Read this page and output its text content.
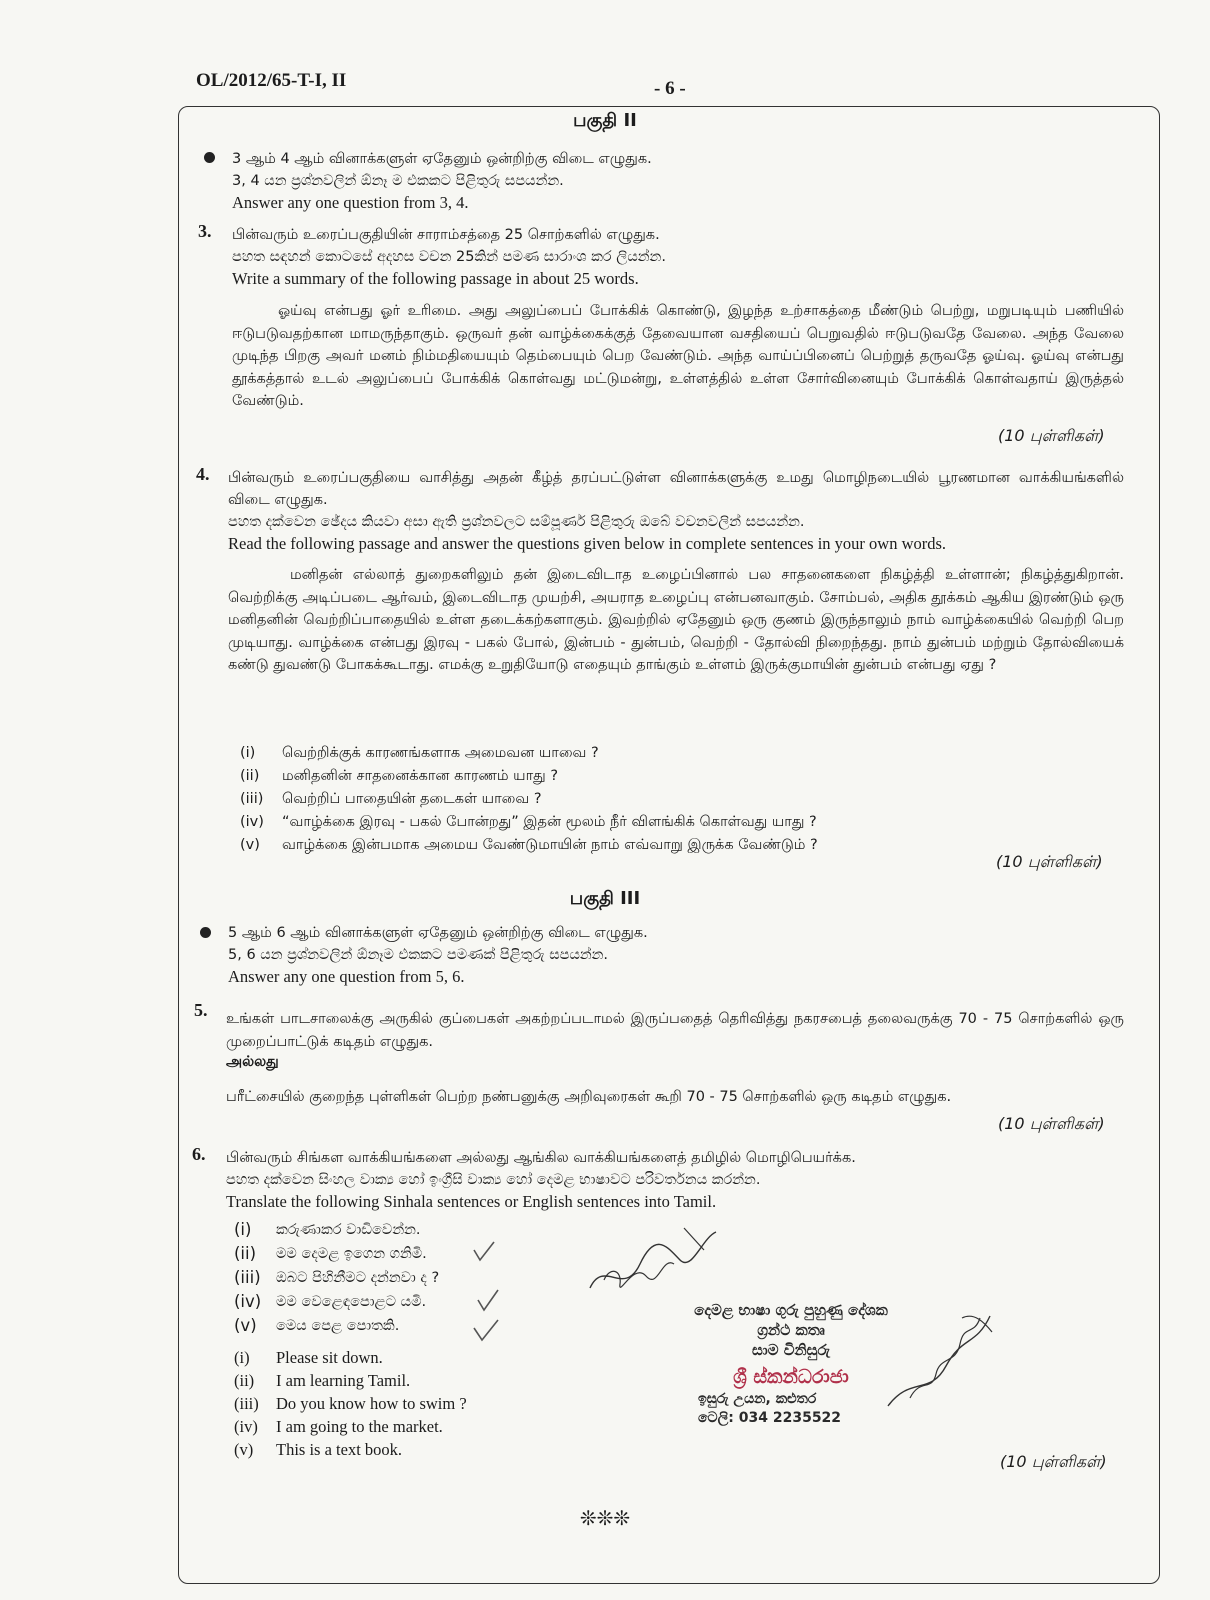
OL/2012/65-T-I, II	- 6 -
பகுதி II
3 ஆம் 4 ஆம் வினாக்களுள் ஏதேனும் ஒன்றிற்கு விடை எழுதுக.
3, 4 යන ප්‍රශ්නවලින් ඕනෑ ම එකකට පිළිතුරු සපයන්න.
Answer any one question from 3, 4.
3. பின்வரும் உரைப்பகுதியின் சாராம்சத்தை 25 சொற்களில் எழுதுக.
පහත සඳහන් කොටසේ අදහස වචන 25කින් පමණ සාරාංශ කර ලියන්න.
Write a summary of the following passage in about 25 words.
ஓய்வு என்பது ஓர் உரிமை. அது அலுப்பைப் போக்கிக் கொண்டு, இழந்த உற்சாகத்தை மீண்டும் பெற்று, மறுபடியும் பணியில் ஈடுபடுவதற்கான மாமருந்தாகும். ஒருவர் தன் வாழ்க்கைக்குத் தேவையான வசதியைப் பெறுவதில் ஈடுபடுவதே வேலை. அந்த வேலை முடிந்த பிறகு அவர் மனம் நிம்மதியையும் தெம்பையும் பெற வேண்டும். அந்த வாய்ப்பினைப் பெற்றுத் தருவதே ஓய்வு. ஓய்வு என்பது தூக்கத்தால் உடல் அலுப்பைப் போக்கிக் கொள்வது மட்டுமன்று, உள்ளத்தில் உள்ள சோர்வினையும் போக்கிக் கொள்வதாய் இருத்தல் வேண்டும்.
(10 புள்ளிகள்)
4. பின்வரும் உரைப்பகுதியை வாசித்து அதன் கீழ்த் தரப்பட்டுள்ள வினாக்களுக்கு உமது மொழிநடையில் பூரணமான வாக்கியங்களில் விடை எழுதுக.
පහත දක්වෙන ඡේදය කියවා අසා ඇති ප්‍රශ්නවලට සම්පූර්ණ පිළිතුරු ඔබේ වචනවලින් සපයන්න.
Read the following passage and answer the questions given below in complete sentences in your own words.
மனிதன் எல்லாத் துறைகளிலும் தன் இடைவிடாத உழைப்பினால் பல சாதனைகளை நிகழ்த்தி உள்ளான்; நிகழ்த்துகிறான். வெற்றிக்கு அடிப்படை ஆர்வம், இடைவிடாத முயற்சி, அயராத உழைப்பு என்பனவாகும். சோம்பல், அதிக தூக்கம் ஆகிய இரண்டும் ஒரு மனிதனின் வெற்றிப்பாதையில் உள்ள தடைக்கற்களாகும். இவற்றில் ஏதேனும் ஒரு குணம் இருந்தாலும் நாம் வாழ்க்கையில் வெற்றி பெற முடியாது. வாழ்க்கை என்பது இரவு - பகல் போல், இன்பம் - துன்பம், வெற்றி - தோல்வி நிறைந்தது. நாம் துன்பம் மற்றும் தோல்வியைக் கண்டு துவண்டு போகக்கூடாது. எமக்கு உறுதியோடு எதையும் தாங்கும் உள்ளம் இருக்குமாயின் துன்பம் என்பது ஏது ?
(i)	வெற்றிக்குக் காரணங்களாக அமைவன யாவை ?
(ii)	மனிதனின் சாதனைக்கான காரணம் யாது ?
(iii)	வெற்றிப் பாதையின் தடைகள் யாவை ?
(iv)	“வாழ்க்கை இரவு - பகல் போன்றது” இதன் மூலம் நீர் விளங்கிக் கொள்வது யாது ?
(v)	வாழ்க்கை இன்பமாக அமைய வேண்டுமாயின் நாம் எவ்வாறு இருக்க வேண்டும் ?
(10 புள்ளிகள்)
பகுதி III
5 ஆம் 6 ஆம் வினாக்களுள் ஏதேனும் ஒன்றிற்கு விடை எழுதுக.
5, 6 යන ප්‍රශ්නවලින් ඕනෑම එකකට පමණක් පිළිතුරු සපයන්න.
Answer any one question from 5, 6.
5. உங்கள் பாடசாலைக்கு அருகில் குப்பைகள் அகற்றப்படாமல் இருப்பதைத் தெரிவித்து நகரசபைத் தலைவருக்கு 70 - 75 சொற்களில் ஒரு முறைப்பாட்டுக் கடிதம் எழுதுக.
அல்லது
பரீட்சையில் குறைந்த புள்ளிகள் பெற்ற நண்பனுக்கு அறிவுரைகள் கூறி 70 - 75 சொற்களில் ஒரு கடிதம் எழுதுக.
(10 புள்ளிகள்)
6. பின்வரும் சிங்கள வாக்கியங்களை அல்லது ஆங்கில வாக்கியங்களைத் தமிழில் மொழிபெயர்க்க.
පහත දක්වෙන සිංහල වාක්‍ය හෝ ඉංග්‍රීසි වාක්‍ය හෝ දෙමළ භාෂාවට පරිවර්තනය කරන්න.
Translate the following Sinhala sentences or English sentences into Tamil.
(i)	කරුණාකර වාඩිවෙන්න.
(ii)	මම දෙමළ ඉගෙන ගනිමි.
(iii)	ඔබට පිහිනීමට දන්නවා ද ?
(iv)	මම වෙළෙඳපොළට යමි.
(v)	මෙය පෙළ පොතකි.
(i)	Please sit down.
(ii)	I am learning Tamil.
(iii)	Do you know how to swim ?
(iv)	I am going to the market.
(v)	This is a text book.
දෙමළ භාෂා ගුරු පුහුණු දේශක
ග්‍රන්ථ කතෘ
සාම විනිසුරු
ශ්‍රී ස්කන්ධරාජා
ඉසුරු උයන, කළුතර
ටෙලි: 034 2235522
(10 புள்ளிகள்)
❊❊❊
